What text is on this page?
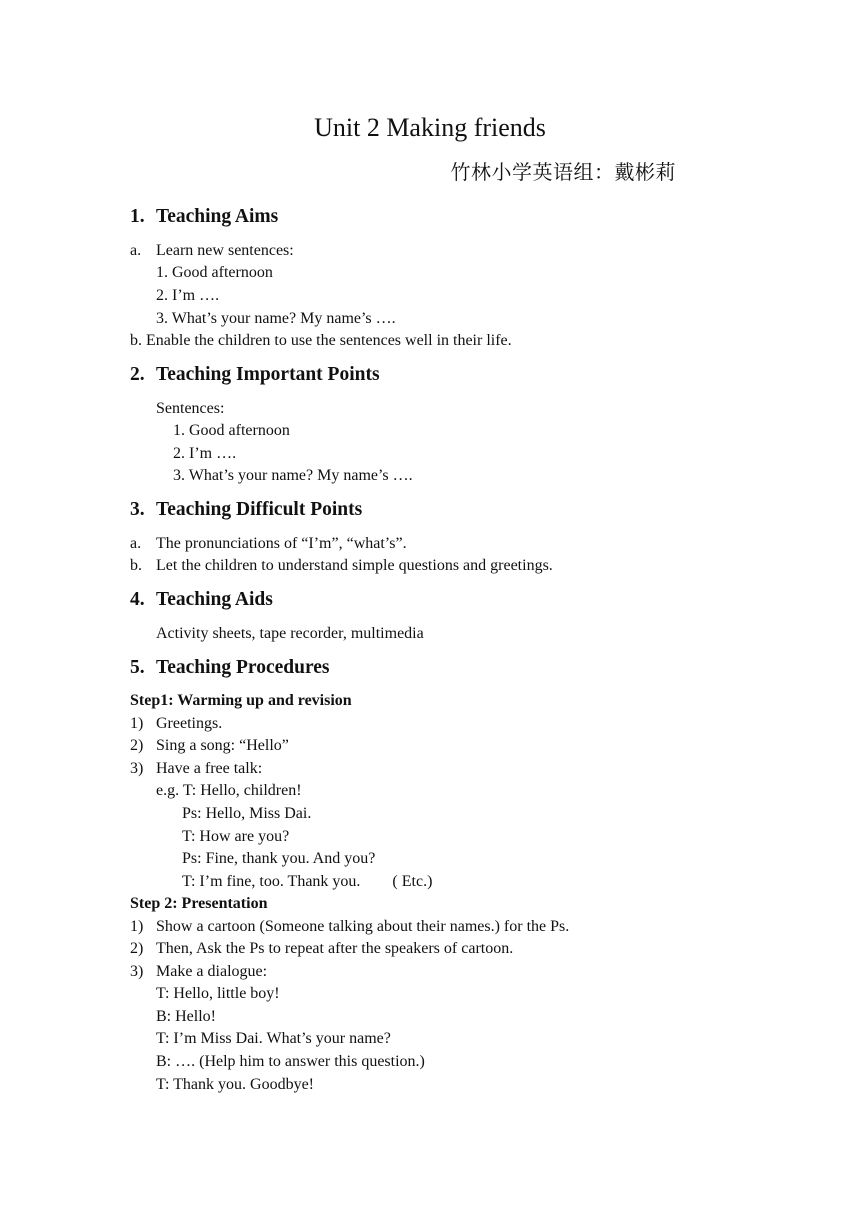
Unit 2 Making friends
竹林小学英语组：戴彬莉
1. Teaching Aims
a. Learn new sentences:
1. Good afternoon
2. I’m ….
3. What’s your name? My name’s ….
b. Enable the children to use the sentences well in their life.
2. Teaching Important Points
Sentences:
1. Good afternoon
2. I’m ….
3. What’s your name? My name’s ….
3. Teaching Difficult Points
a. The pronunciations of “I’m”, “what’s”.
b. Let the children to understand simple questions and greetings.
4. Teaching Aids
Activity sheets, tape recorder, multimedia
5. Teaching Procedures
Step1: Warming up and revision
1) Greetings.
2) Sing a song: “Hello”
3) Have a free talk:
e.g. T: Hello, children!
Ps: Hello, Miss Dai.
T: How are you?
Ps: Fine, thank you. And you?
T: I’m fine, too. Thank you.        ( Etc.)
Step 2: Presentation
1) Show a cartoon (Someone talking about their names.) for the Ps.
2) Then, Ask the Ps to repeat after the speakers of cartoon.
3) Make a dialogue:
T: Hello, little boy!
B: Hello!
T: I’m Miss Dai. What’s your name?
B: …. (Help him to answer this question.)
T: Thank you. Goodbye!
